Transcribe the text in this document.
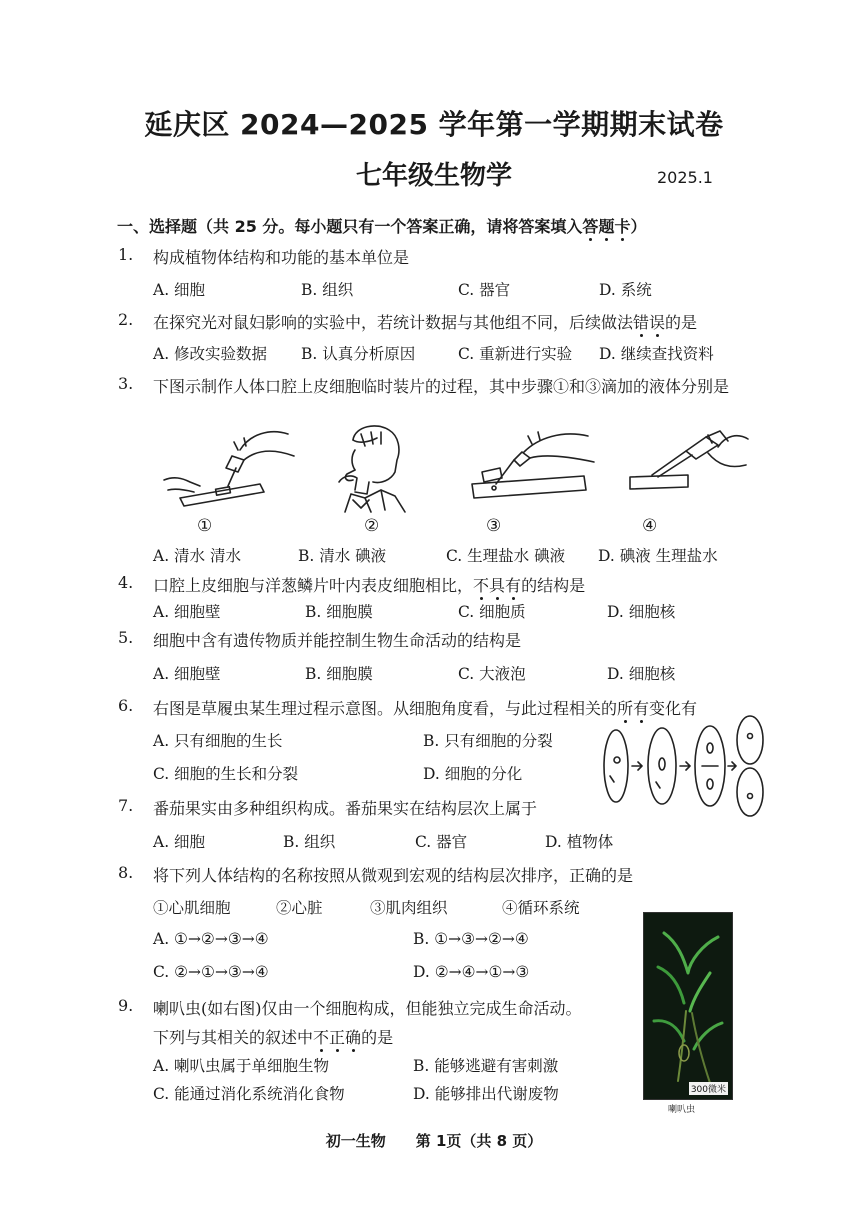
延庆区 2024—2025 学年第一学期期末试卷
七年级生物学	2025.1
一、选择题（共 25 分。每小题只有一个答案正确，请将答案填入答题卡）
1. 构成植物体结构和功能的基本单位是
A. 细胞	B. 组织	C. 器官	D. 系统
2. 在探究光对鼠妇影响的实验中，若统计数据与其他组不同，后续做法错误的是
A. 修改实验数据 B. 认真分析原因	C. 重新进行实验 D. 继续查找资料
3. 下图示制作人体口腔上皮细胞临时装片的过程，其中步骤①和③滴加的液体分别是
①	②	③	④
A. 清水 清水	B. 清水 碘液	C. 生理盐水 碘液 D. 碘液 生理盐水
4. 口腔上皮细胞与洋葱鳞片叶内表皮细胞相比，不具有的结构是
A. 细胞壁	B. 细胞膜	C. 细胞质	D. 细胞核
5. 细胞中含有遗传物质并能控制生物生命活动的结构是
A. 细胞壁	B. 细胞膜	C. 大液泡	D. 细胞核
6. 右图是草履虫某生理过程示意图。从细胞角度看，与此过程相关的所有变化有
A. 只有细胞的生长	B. 只有细胞的分裂
C. 细胞的生长和分裂	D. 细胞的分化
7. 番茄果实由多种组织构成。番茄果实在结构层次上属于
A. 细胞	B. 组织	C. 器官	D. 植物体
8. 将下列人体结构的名称按照从微观到宏观的结构层次排序，正确的是
①心肌细胞	②心脏	③肌肉组织	④循环系统
A. ①→②→③→④	B. ①→③→②→④
C. ②→①→③→④	D. ②→④→①→③
9. 喇叭虫(如右图)仅由一个细胞构成，但能独立完成生命活动。
下列与其相关的叙述中不正确的是
A. 喇叭虫属于单细胞生物	B. 能够逃避有害刺激
C. 能通过消化系统消化食物	D. 能够排出代谢废物	300微米
喇叭虫
初一生物　　第 1页（共 8 页）
